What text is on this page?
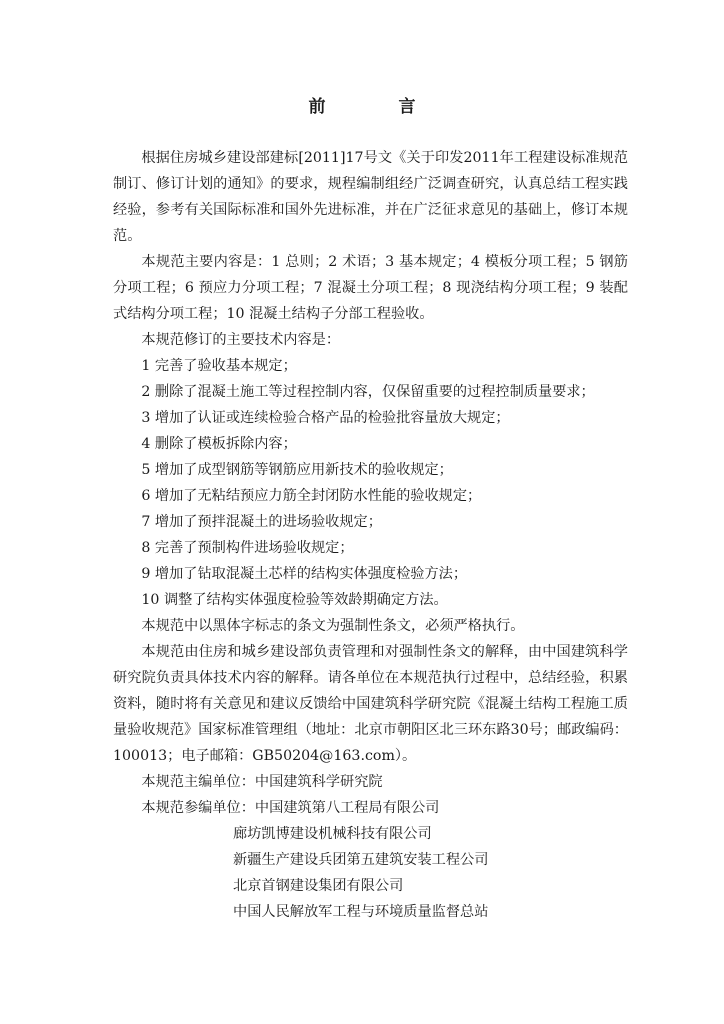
前　言

根据住房城乡建设部建标[2011]17号文《关于印发2011年工程建设标准规范制订、修订计划的通知》的要求，规程编制组经广泛调查研究，认真总结工程实践经验，参考有关国际标准和国外先进标准，并在广泛征求意见的基础上，修订本规范。

本规范主要内容是：1 总则；2 术语；3 基本规定；4 模板分项工程；5 钢筋分项工程；6 预应力分项工程；7 混凝土分项工程；8 现浇结构分项工程；9 装配式结构分项工程；10 混凝土结构子分部工程验收。

本规范修订的主要技术内容是：

1 完善了验收基本规定；

2 删除了混凝土施工等过程控制内容，仅保留重要的过程控制质量要求；

3 增加了认证或连续检验合格产品的检验批容量放大规定；

4 删除了模板拆除内容；

5 增加了成型钢筋等钢筋应用新技术的验收规定；

6 增加了无粘结预应力筋全封闭防水性能的验收规定；

7 增加了预拌混凝土的进场验收规定；

8 完善了预制构件进场验收规定；

9 增加了钻取混凝土芯样的结构实体强度检验方法；

10 调整了结构实体强度检验等效龄期确定方法。

本规范中以黑体字标志的条文为强制性条文，必须严格执行。

本规范由住房和城乡建设部负责管理和对强制性条文的解释，由中国建筑科学研究院负责具体技术内容的解释。请各单位在本规范执行过程中，总结经验，积累资料，随时将有关意见和建议反馈给中国建筑科学研究院《混凝土结构工程施工质量验收规范》国家标准管理组（地址：北京市朝阳区北三环东路30号；邮政编码：100013；电子邮箱：GB50204@163.com）。

本规范主编单位：中国建筑科学研究院

本规范参编单位：中国建筑第八工程局有限公司

廊坊凯博建设机械科技有限公司

新疆生产建设兵团第五建筑安装工程公司

北京首钢建设集团有限公司

中国人民解放军工程与环境质量监督总站
